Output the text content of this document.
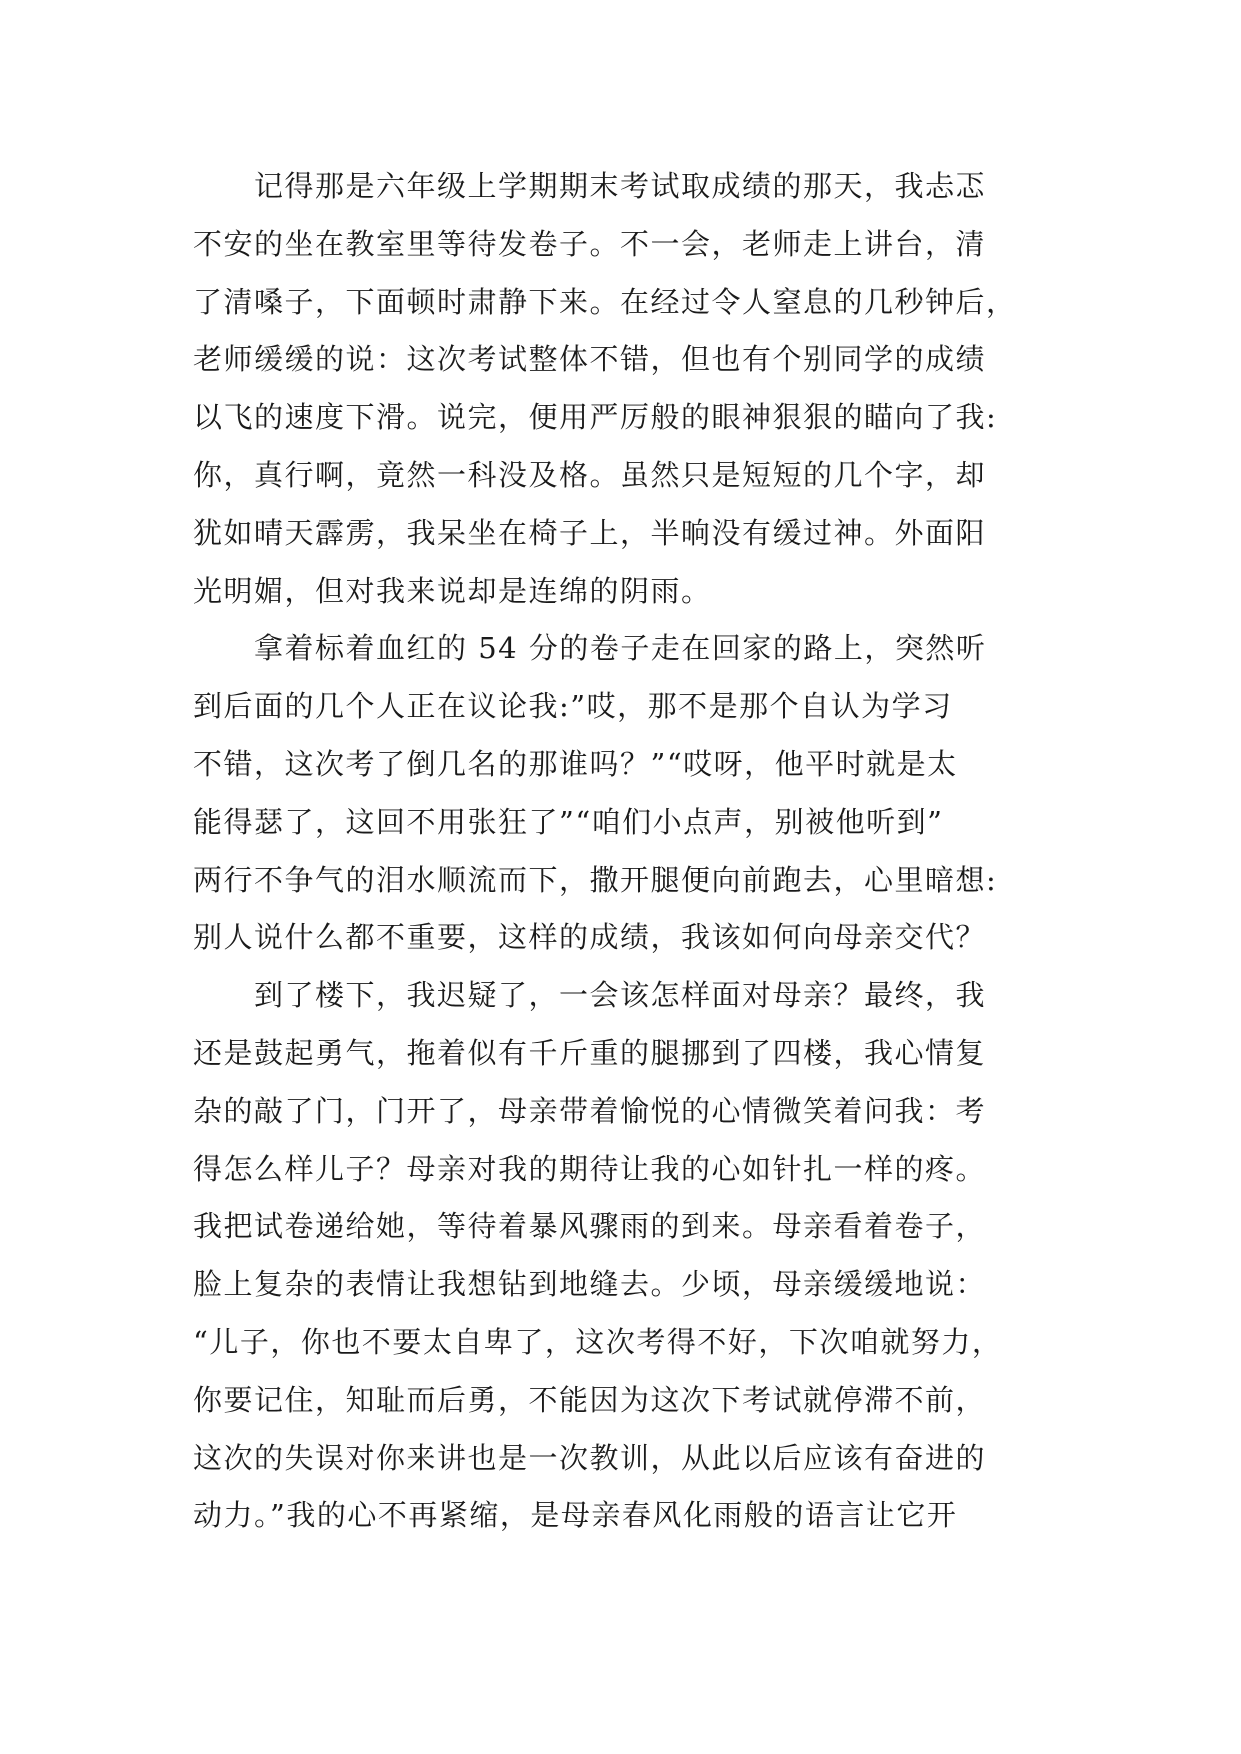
记得那是六年级上学期期末考试取成绩的那天，我忐忑
不安的坐在教室里等待发卷子。不一会，老师走上讲台，清
了清嗓子，下面顿时肃静下来。在经过令人窒息的几秒钟后，
老师缓缓的说：这次考试整体不错，但也有个别同学的成绩
以飞的速度下滑。说完，便用严厉般的眼神狠狠的瞄向了我:
你，真行啊，竟然一科没及格。虽然只是短短的几个字，却
犹如晴天霹雳，我呆坐在椅子上，半晌没有缓过神。外面阳
光明媚，但对我来说却是连绵的阴雨。
拿着标着血红的 54 分的卷子走在回家的路上，突然听
到后面的几个人正在议论我:”哎，那不是那个自认为学习
不错，这次考了倒几名的那谁吗？”“哎呀，他平时就是太
能得瑟了，这回不用张狂了”“咱们小点声，别被他听到”
两行不争气的泪水顺流而下，撒开腿便向前跑去，心里暗想:
别人说什么都不重要，这样的成绩，我该如何向母亲交代？
到了楼下，我迟疑了，一会该怎样面对母亲？最终，我
还是鼓起勇气，拖着似有千斤重的腿挪到了四楼，我心情复
杂的敲了门，门开了，母亲带着愉悦的心情微笑着问我：考
得怎么样儿子？母亲对我的期待让我的心如针扎一样的疼。
我把试卷递给她，等待着暴风骤雨的到来。母亲看着卷子，
脸上复杂的表情让我想钻到地缝去。少顷，母亲缓缓地说：
“儿子，你也不要太自卑了，这次考得不好，下次咱就努力，
你要记住，知耻而后勇，不能因为这次下考试就停滞不前，
这次的失误对你来讲也是一次教训，从此以后应该有奋进的
动力。”我的心不再紧缩，是母亲春风化雨般的语言让它开
